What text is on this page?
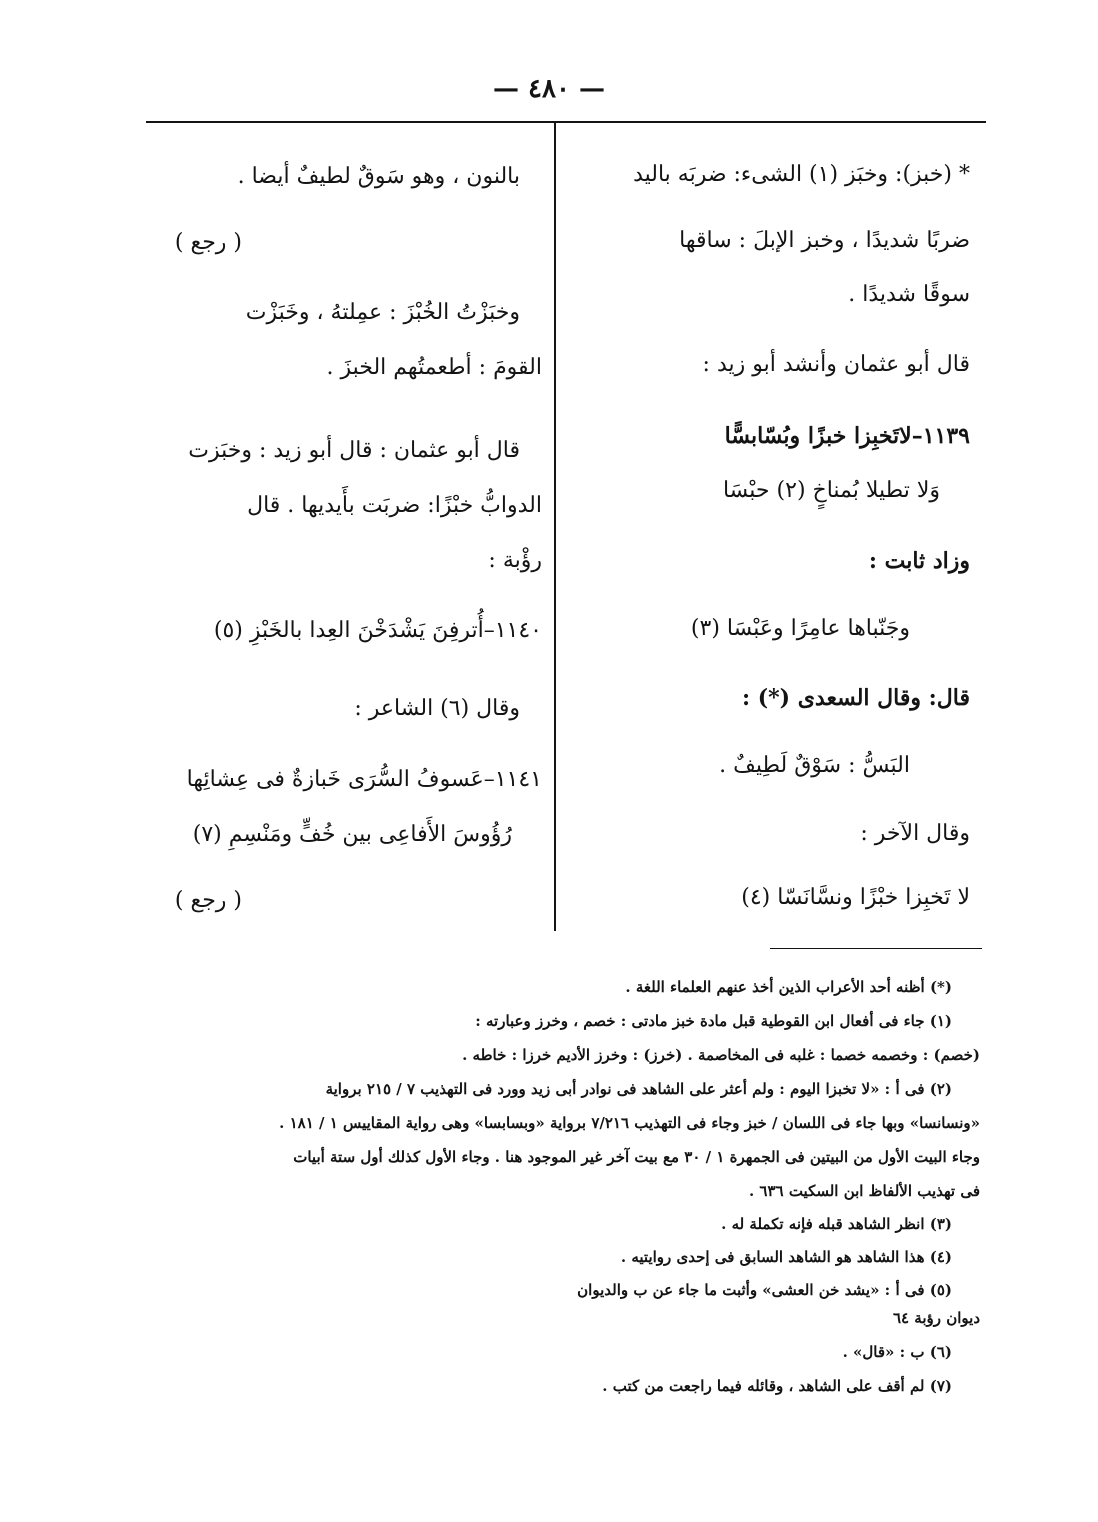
— ٤٨٠ —
* (خبز): وخبَز (١) الشىء: ضربَه باليد
ضربًا شديدًا ، وخبز الإبلَ : ساقها
سوقًا شديدًا .
قال أبو عثمان وأنشد أبو زيد :
١١٣٩–لاتَخبِزا خبزًا وبُسّابسًّا
وَلا تطيلا بُمناخٍ (٢) حبْسَا
وزاد ثابت :
وجَنّباها عامِرًا وعَبْسَا (٣)
قال: وقال السعدى (*) :
البَسُّ : سَوْقٌ لَطِيفٌ .
وقال الآخر :
لا تَخبِزا خبْزًا ونسَّانَسّا (٤)
بالنون ، وهو سَوقٌ لطيفٌ أيضا .
( رجع )
وخبَزْتُ الخُبْزَ : عمِلتهُ ، وخَبَزْت
القومَ : أطعمتُهم الخبزَ .
قال أبو عثمان : قال أبو زيد : وخبَزت
الدوابُّ خبْزًا: ضربَت بأَيديها . قال
رؤْبة :
١١٤٠–أُترفِنَ يَشْدَخْنَ العِدا بالخَبْزِ (٥)
وقال (٦) الشاعر :
١١٤١–عَسوفُ السُّرَى خَبازةٌ فى عِشائِها
رُؤُوسَ الأَفاعِى بين خُفٍّ ومَنْسِمِ (٧)
( رجع )
(*) أظنه أحد الأعراب الذين أخذ عنهم العلماء اللغة .
(١) جاء فى أفعال ابن القوطية قبل مادة خبز مادتى : خصم ، وخرز وعبارته :
(خصم) : وخصمه خصما : غلبه فى المخاصمة . (خرز) : وخرز الأديم خرزا : خاطه .
(٢) فى أ : «لا تخبزا اليوم : ولم أعثر على الشاهد فى نوادر أبى زيد وورد فى التهذيب ٧ / ٢١٥ برواية
«ونسانسا» وبها جاء فى اللسان / خبز وجاء فى التهذيب ٧/٢١٦ برواية «وبسابسا» وهى رواية المقاييس ١ / ١٨١ .
وجاء البيت الأول من البيتين فى الجمهرة ١ / ٣٠ مع بيت آخر غير الموجود هنا . وجاء الأول كذلك أول ستة أبيات
فى تهذيب الألفاظ ابن السكيت ٦٣٦ .
(٣) انظر الشاهد قبله فإنه تكملة له .
(٤) هذا الشاهد هو الشاهد السابق فى إحدى روايتيه .
(٥) فى أ : «يشد خن العشى» وأثبت ما جاء عن ب والديوان
ديوان رؤبة ٦٤
(٦) ب : «قال» .
(٧) لم أقف على الشاهد ، وقائله فيما راجعت من كتب .
